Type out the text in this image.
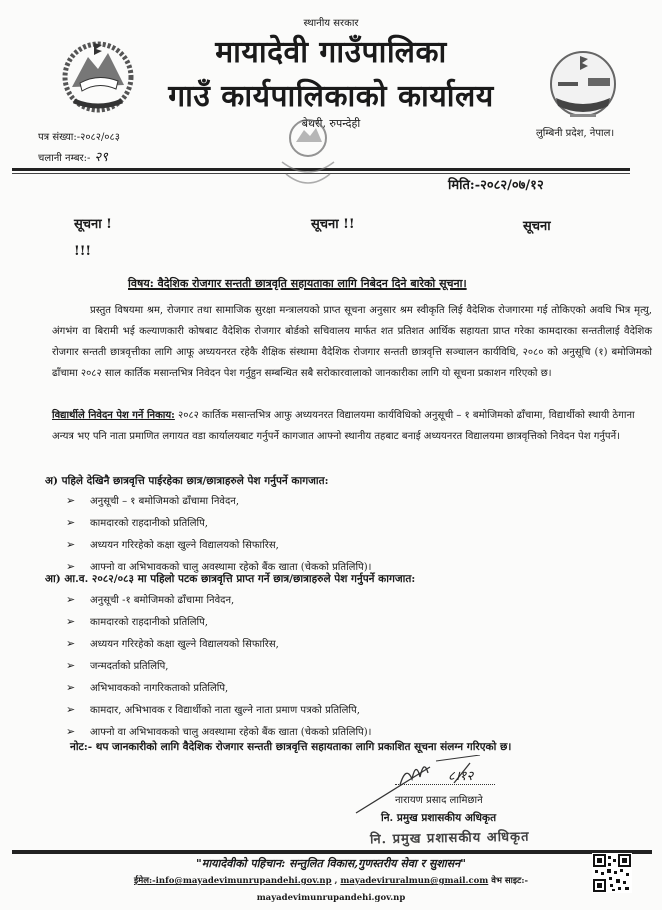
स्थानीय सरकार
मायादेवी गाउँपालिका
गाउँ कार्यपालिकाको कार्यालय
बेथरी, रुपन्देही
लुम्बिनी प्रदेश, नेपाल।
पत्र संख्या:-२०८२/०८३
चलानी नम्बर:- २९
मिति:-२०८२/०७/१२
सूचना !	सूचना !!	सूचना
!!!
विषय: वैदेशिक रोजगार सन्तती छात्रवृति सहायताका लागि निबेदन दिने बारेको सूचना।
प्रस्तुत विषयमा श्रम, रोजगार तथा सामाजिक सुरक्षा मन्त्रालयको प्राप्त सूचना अनुसार श्रम स्वीकृति लिई वैदेशिक रोजगारमा गई तोकिएको अवधि भित्र मृत्यु, अंगभंग वा बिरामी भई कल्याणकारी कोषबाट वैदेशिक रोजगार बोर्डको सचिवालय मार्फत शत प्रतिशत आर्थिक सहायता प्राप्त गरेका कामदारका सन्ततीलाई वैदेशिक रोजगार सन्तती छात्रवृत्तीका लागि आफू अध्ययनरत रहेकै शैक्षिक संस्थामा वैदेशिक रोजगार सन्तती छात्रवृत्ति सञ्चालन कार्यविधि, २०८० को अनुसूचि (१) बमोजिमको ढाँचामा २०८२ साल कार्तिक मसान्तभित्र निवेदन पेश गर्नुहुन सम्बन्धित सबै सरोकारवालाको जानकारीका लागि यो सूचना प्रकाशन गरिएको छ।
विद्यार्थीले निवेदन पेश गर्ने निकाय: २०८२ कार्तिक मसान्तभित्र आफु अध्ययनरत विद्यालयमा कार्यविधिको अनुसूची – १ बमोजिमको ढाँचामा, विद्यार्थीको स्थायी ठेगाना अन्यत्र भए पनि नाता प्रमाणित लगायत वडा कार्यालयबाट गर्नुपर्ने कागजात आफ्नो स्थानीय तहबाट बनाई अध्ययनरत विद्यालयमा छात्रवृत्तिको निवेदन पेश गर्नुपर्ने।
अ) पहिले देखिनै छात्रवृत्ति पाईरहेका छात्र/छात्राहरुले पेश गर्नुपर्ने कागजात:
➢ अनुसूची – १ बमोजिमको ढाँचामा निवेदन,
➢ कामदारको राहदानीको प्रतिलिपि,
➢ अध्ययन गरिरहेको कक्षा खुल्ने विद्यालयको सिफारिस,
➢ आफ्नो वा अभिभावकको चालु अवस्थामा रहेको बैंक खाता (चेकको प्रतिलिपि)।
आ) आ.व. २०८२/०८३ मा पहिलो पटक छात्रवृत्ति प्राप्त गर्ने छात्र/छात्राहरुले पेश गर्नुपर्ने कागजात:
➢ अनुसूची -१ बमोजिमको ढाँचामा निवेदन,
➢ कामदारको राहदानीको प्रतिलिपि,
➢ अध्ययन गरिरहेको कक्षा खुल्ने विद्यालयको सिफारिस,
➢ जन्मदर्ताको प्रतिलिपि,
➢ अभिभावकको नागरिकताको प्रतिलिपि,
➢ कामदार, अभिभावक र विद्यार्थीको नाता खुल्ने नाता प्रमाण पत्रको प्रतिलिपि,
➢ आफ्नो वा अभिभावकको चालु अवस्थामा रहेको बैंक खाता (चेकको प्रतिलिपि)।
नोट:- थप जानकारीको लागि वैदेशिक रोजगार सन्तती छात्रवृत्ति सहायताका लागि प्रकाशित सूचना संलग्न गरिएको छ।
८।१२
नारायण प्रसाद लामिछाने
नि. प्रमुख प्रशासकीय अधिकृत
नि. प्रमुख प्रशासकीय अधिकृत
"मायादेवीको पहिचान: सन्तुलित विकास,गुणस्तरीय सेवा र सुशासन"
ईमेल:-info@mayadevimunrupandehi.gov.np , mayadeviruralmun@gmail.com वेभ साइट:-
mayadevimunrupandehi.gov.np
